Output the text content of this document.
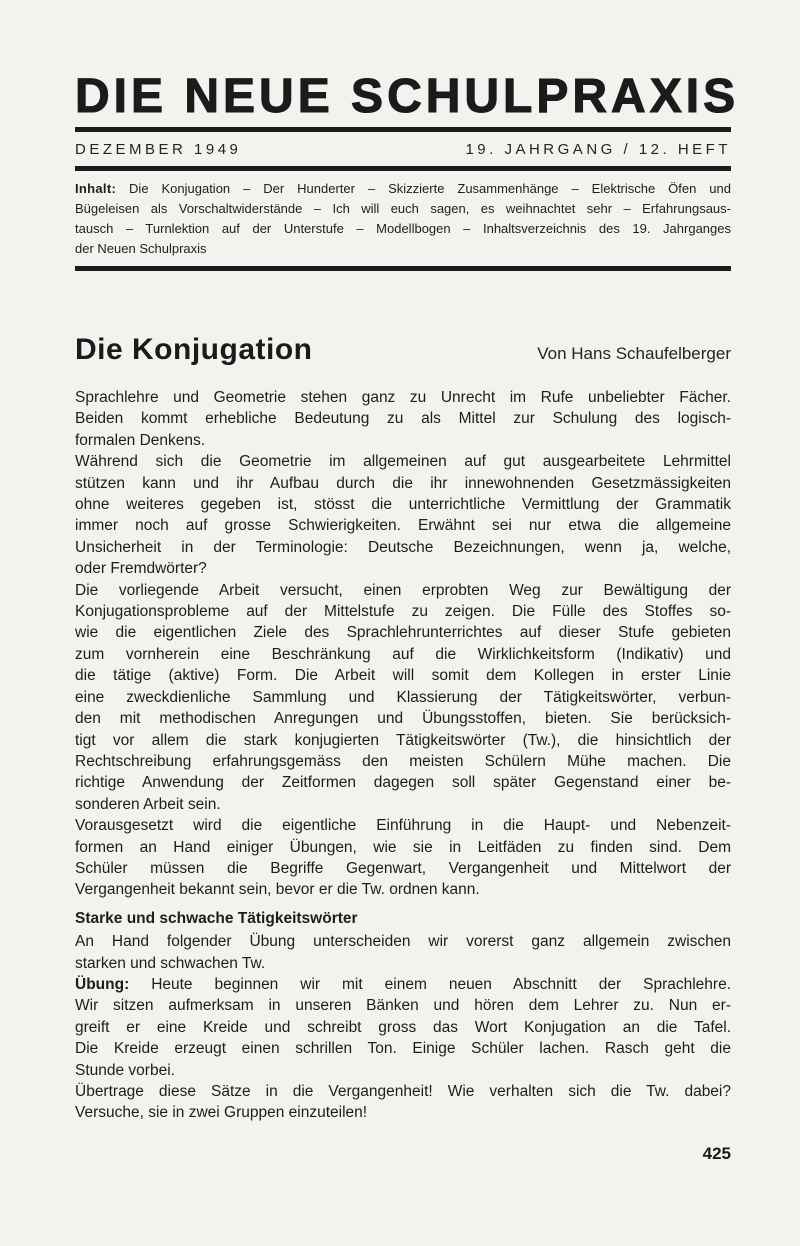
DIE NEUE SCHULPRAXIS
DEZEMBER 1949	19. JAHRGANG / 12. HEFT
Inhalt: Die Konjugation – Der Hunderter – Skizzierte Zusammenhänge – Elektrische Öfen und
Bügeleisen als Vorschaltwiderstände – Ich will euch sagen, es weihnachtet sehr – Erfahrungsaus-
tausch – Turnlektion auf der Unterstufe – Modellbogen – Inhaltsverzeichnis des 19. Jahrganges
der Neuen Schulpraxis
Die Konjugation	Von Hans Schaufelberger
Sprachlehre und Geometrie stehen ganz zu Unrecht im Rufe unbeliebter Fächer.
Beiden kommt erhebliche Bedeutung zu als Mittel zur Schulung des logisch-
formalen Denkens.
Während sich die Geometrie im allgemeinen auf gut ausgearbeitete Lehrmittel
stützen kann und ihr Aufbau durch die ihr innewohnenden Gesetzmässigkeiten
ohne weiteres gegeben ist, stösst die unterrichtliche Vermittlung der Grammatik
immer noch auf grosse Schwierigkeiten. Erwähnt sei nur etwa die allgemeine
Unsicherheit in der Terminologie: Deutsche Bezeichnungen, wenn ja, welche,
oder Fremdwörter?
Die vorliegende Arbeit versucht, einen erprobten Weg zur Bewältigung der
Konjugationsprobleme auf der Mittelstufe zu zeigen. Die Fülle des Stoffes so-
wie die eigentlichen Ziele des Sprachlehrunterrichtes auf dieser Stufe gebieten
zum vornherein eine Beschränkung auf die Wirklichkeitsform (Indikativ) und
die tätige (aktive) Form. Die Arbeit will somit dem Kollegen in erster Linie
eine zweckdienliche Sammlung und Klassierung der Tätigkeitswörter, verbun-
den mit methodischen Anregungen und Übungsstoffen, bieten. Sie berücksich-
tigt vor allem die stark konjugierten Tätigkeitswörter (Tw.), die hinsichtlich der
Rechtschreibung erfahrungsgemäss den meisten Schülern Mühe machen. Die
richtige Anwendung der Zeitformen dagegen soll später Gegenstand einer be-
sonderen Arbeit sein.
Vorausgesetzt wird die eigentliche Einführung in die Haupt- und Nebenzeit-
formen an Hand einiger Übungen, wie sie in Leitfäden zu finden sind. Dem
Schüler müssen die Begriffe Gegenwart, Vergangenheit und Mittelwort der
Vergangenheit bekannt sein, bevor er die Tw. ordnen kann.
Starke und schwache Tätigkeitswörter
An Hand folgender Übung unterscheiden wir vorerst ganz allgemein zwischen
starken und schwachen Tw.
Übung: Heute beginnen wir mit einem neuen Abschnitt der Sprachlehre.
Wir sitzen aufmerksam in unseren Bänken und hören dem Lehrer zu. Nun er-
greift er eine Kreide und schreibt gross das Wort Konjugation an die Tafel.
Die Kreide erzeugt einen schrillen Ton. Einige Schüler lachen. Rasch geht die
Stunde vorbei.
Übertrage diese Sätze in die Vergangenheit! Wie verhalten sich die Tw. dabei?
Versuche, sie in zwei Gruppen einzuteilen!
425
